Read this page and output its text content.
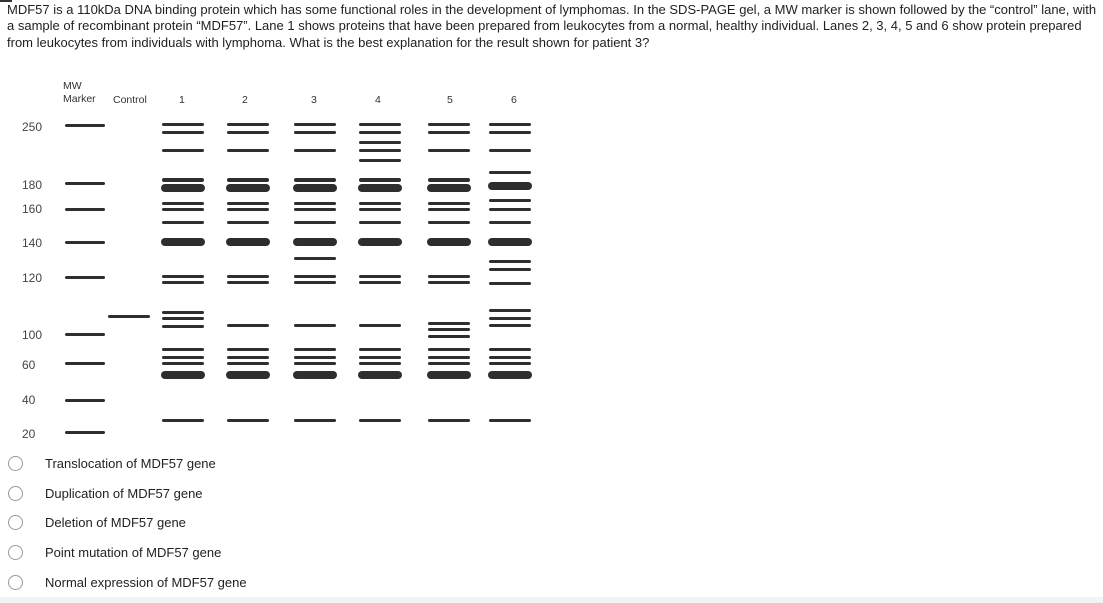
MDF57 is a 110kDa DNA binding protein which has some functional roles in the development of lymphomas. In the SDS-PAGE gel, a MW marker is shown followed by the “control” lane, with a sample of recombinant protein “MDF57”. Lane 1 shows proteins that have been prepared from leukocytes from a normal, healthy individual. Lanes 2, 3, 4, 5 and 6 show protein prepared from leukocytes from individuals with lymphoma. What is the best explanation for the result shown for patient 3?
MW
Marker Control	1	2	3	4	5	6
250
180
160
140
120
100
60
40
20
Translocation of MDF57 gene
Duplication of MDF57 gene
Deletion of MDF57 gene
Point mutation of MDF57 gene
Normal expression of MDF57 gene
